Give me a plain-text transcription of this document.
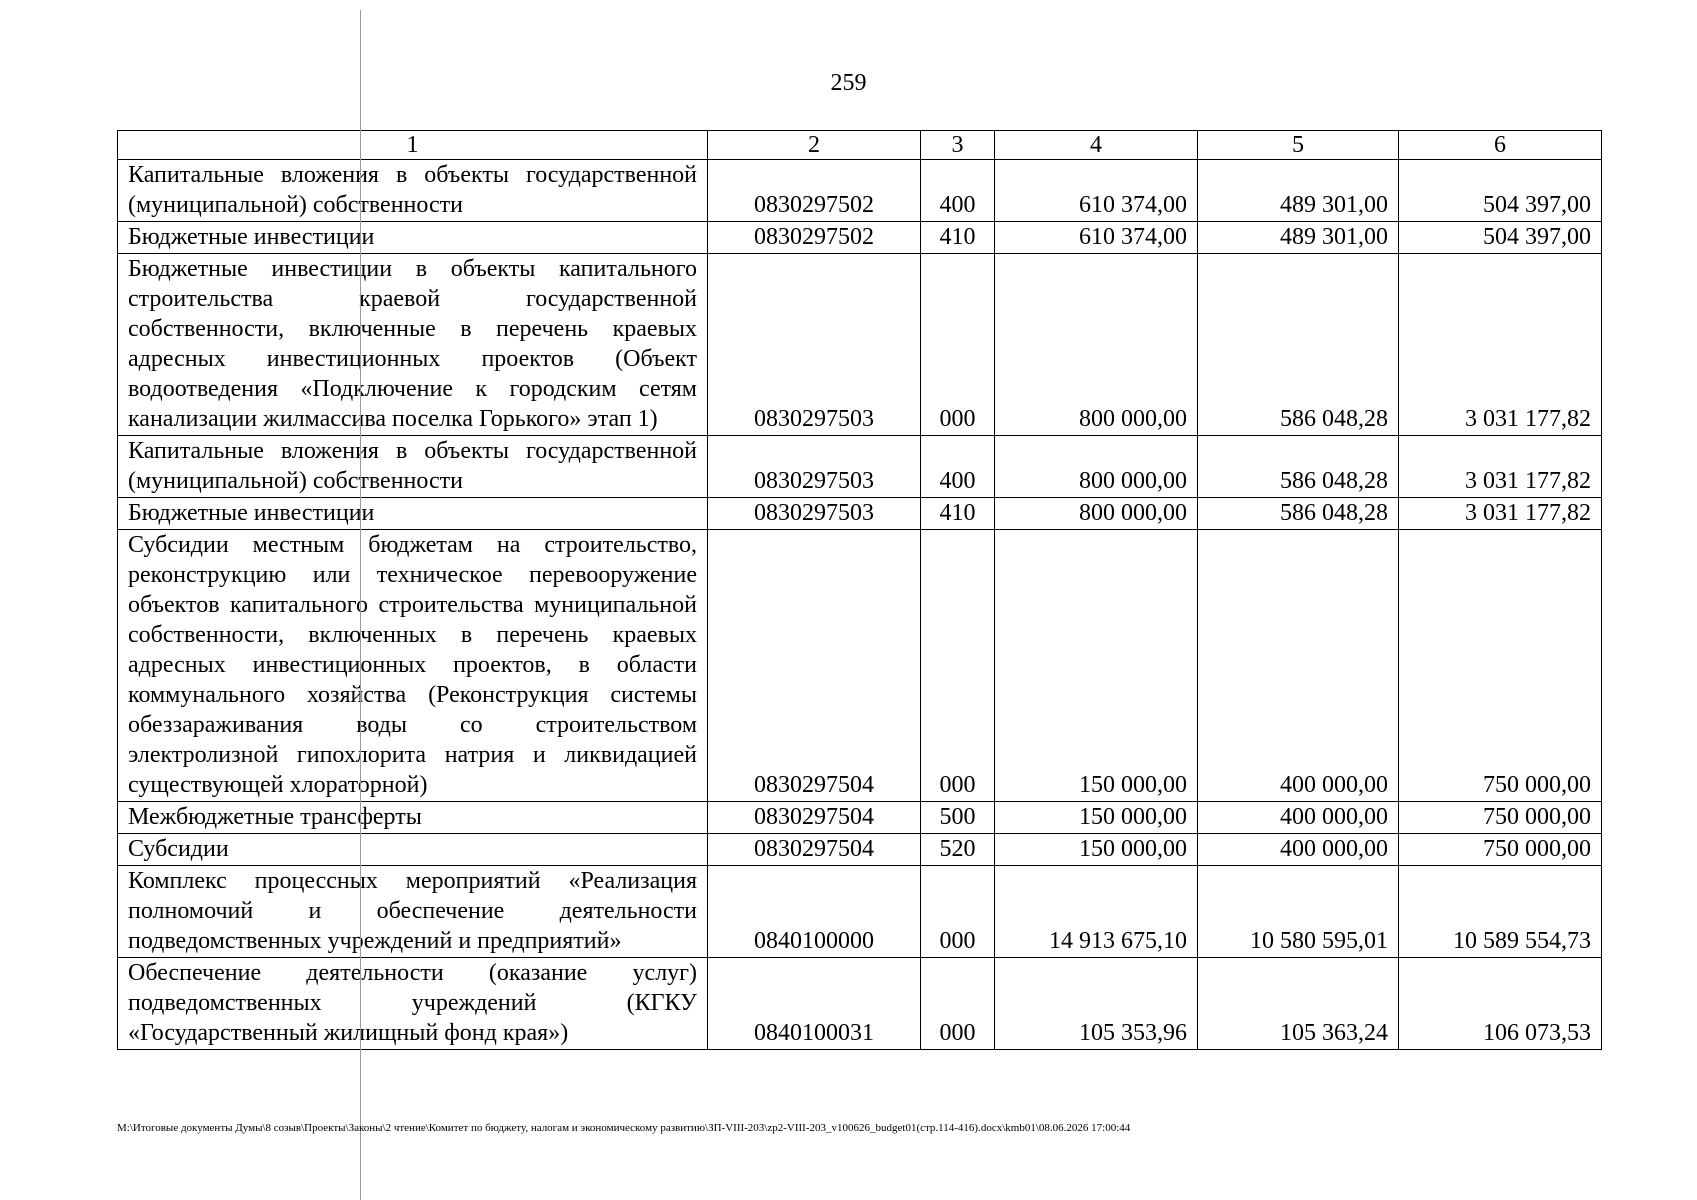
259
1	2	3	4	5	6
Капитальные вложения в объекты государственной (муниципальной) собственности	0830297502	400	610 374,00	489 301,00	504 397,00
Бюджетные инвестиции	0830297502	410	610 374,00	489 301,00	504 397,00
Бюджетные инвестиции в объекты капитального строительства краевой государственной собственности, включенные в перечень краевых адресных инвестиционных проектов (Объект водоотведения «Подключение к городским сетям канализации жилмассива поселка Горького» этап 1)	0830297503	000	800 000,00	586 048,28	3 031 177,82
Капитальные вложения в объекты государственной (муниципальной) собственности	0830297503	400	800 000,00	586 048,28	3 031 177,82
Бюджетные инвестиции	0830297503	410	800 000,00	586 048,28	3 031 177,82
Субсидии местным бюджетам на строительство, реконструкцию или техническое перевооружение объектов капитального строительства муниципальной собственности, включенных в перечень краевых адресных инвестиционных проектов, в области коммунального хозяйства (Реконструкция системы обеззараживания воды со строительством электролизной гипохлорита натрия и ликвидацией существующей хлораторной)	0830297504	000	150 000,00	400 000,00	750 000,00
Межбюджетные трансферты	0830297504	500	150 000,00	400 000,00	750 000,00
Субсидии	0830297504	520	150 000,00	400 000,00	750 000,00
Комплекс процессных мероприятий «Реализация полномочий и обеспечение деятельности подведомственных учреждений и предприятий»	0840100000	000	14 913 675,10	10 580 595,01	10 589 554,73
Обеспечение деятельности (оказание услуг) подведомственных учреждений (КГКУ «Государственный жилищный фонд края»)	0840100031	000	105 353,96	105 363,24	106 073,53
М:\Итоговые документы Думы\8 созыв\Проекты\Законы\2 чтение\Комитет по бюджету, налогам и экономическому развитию\ЗП-VIII-203\zp2-VIII-203_v100626_budget01(стр.114-416).docx\kmb01\08.06.2026 17:00:44
